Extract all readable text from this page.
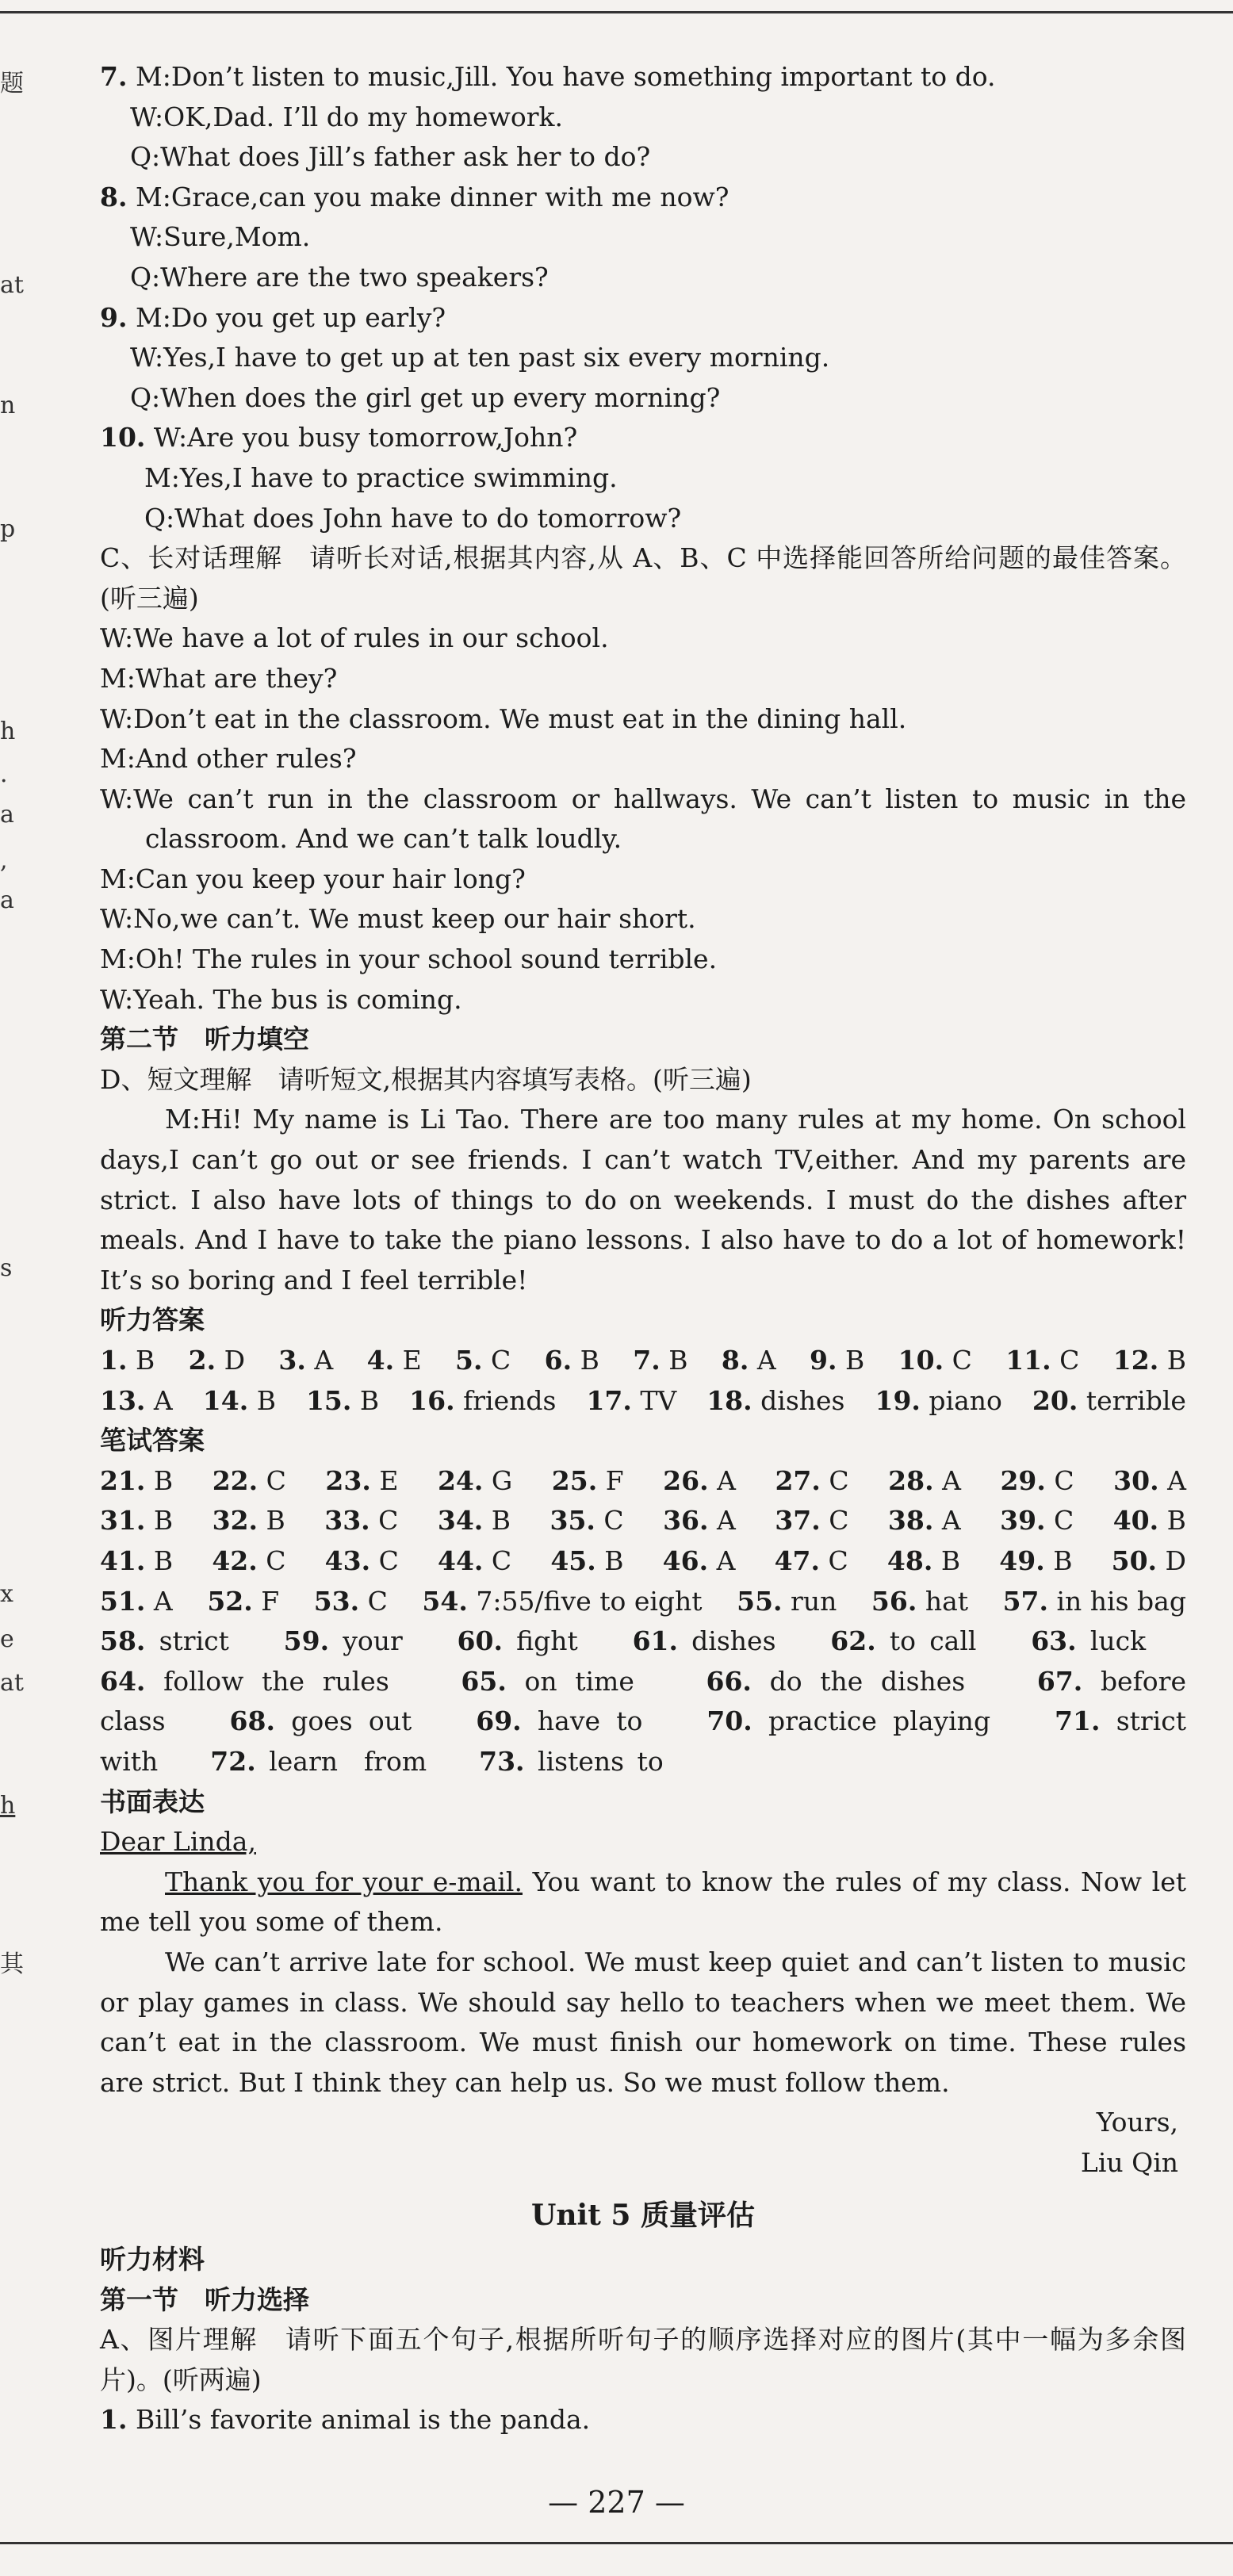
题
at
n
p
h
·
a
,
a
s
x
e
at
h
其
7. M:Don’t listen to music,Jill. You have something important to do.
W:OK,Dad. I’ll do my homework.
Q:What does Jill’s father ask her to do?
8. M:Grace,can you make dinner with me now?
W:Sure,Mom.
Q:Where are the two speakers?
9. M:Do you get up early?
W:Yes,I have to get up at ten past six every morning.
Q:When does the girl get up every morning?
10. W:Are you busy tomorrow,John?
M:Yes,I have to practice swimming.
Q:What does John have to do tomorrow?
C、长对话理解　请听长对话,根据其内容,从 A、B、C 中选择能回答所给问题的最佳答案。(听三遍)
W:We have a lot of rules in our school.
M:What are they?
W:Don’t eat in the classroom. We must eat in the dining hall.
M:And other rules?
W:We can’t run in the classroom or hallways. We can’t listen to music in the classroom. And we can’t talk loudly.
M:Can you keep your hair long?
W:No,we can’t. We must keep our hair short.
M:Oh! The rules in your school sound terrible.
W:Yeah. The bus is coming.
第二节　听力填空
D、短文理解　请听短文,根据其内容填写表格。(听三遍)
M:Hi! My name is Li Tao. There are too many rules at my home. On school days,I can’t go out or see friends. I can’t watch TV,either. And my parents are strict. I also have lots of things to do on weekends. I must do the dishes after meals. And I have to take the piano lessons. I also have to do a lot of homework! It’s so boring and I feel terrible!
听力答案
1. B 2. D 3. A 4. E 5. C 6. B 7. B 8. A 9. B 10. C 11. C 12. B
13. A 14. B 15. B 16. friends 17. TV 18. dishes 19. piano 20. terrible
笔试答案
21. B 22. C 23. E 24. G 25. F 26. A 27. C 28. A 29. C 30. A
31. B 32. B 33. C 34. B 35. C 36. A 37. C 38. A 39. C 40. B
41. B 42. C 43. C 44. C 45. B 46. A 47. C 48. B 49. B 50. D
51. A 52. F 53. C 54. 7:55/five to eight 55. run 56. hat 57. in his bag
58. strict 59. your 60. fight 61. dishes 62. to call 63. luck    64. follow the rules	65. on time	66. do the dishes	67. before class 68. goes out 69. have to 70. practice playing 71. strict with 72. learn　from 73. listens to
书面表达
Dear Linda,
Thank you for your e-mail. You want to know the rules of my class. Now let me tell you some of them.
We can’t arrive late for school. We must keep quiet and can’t listen to music or play games in class. We should say hello to teachers when we meet them. We can’t eat in the classroom. We must finish our homework on time. These rules are strict. But I think they can help us. So we must follow them.
Yours,
Liu Qin
Unit 5 质量评估
听力材料
第一节　听力选择
A、图片理解　请听下面五个句子,根据所听句子的顺序选择对应的图片(其中一幅为多余图片)。(听两遍)
1. Bill’s favorite animal is the panda.
— 227 —
